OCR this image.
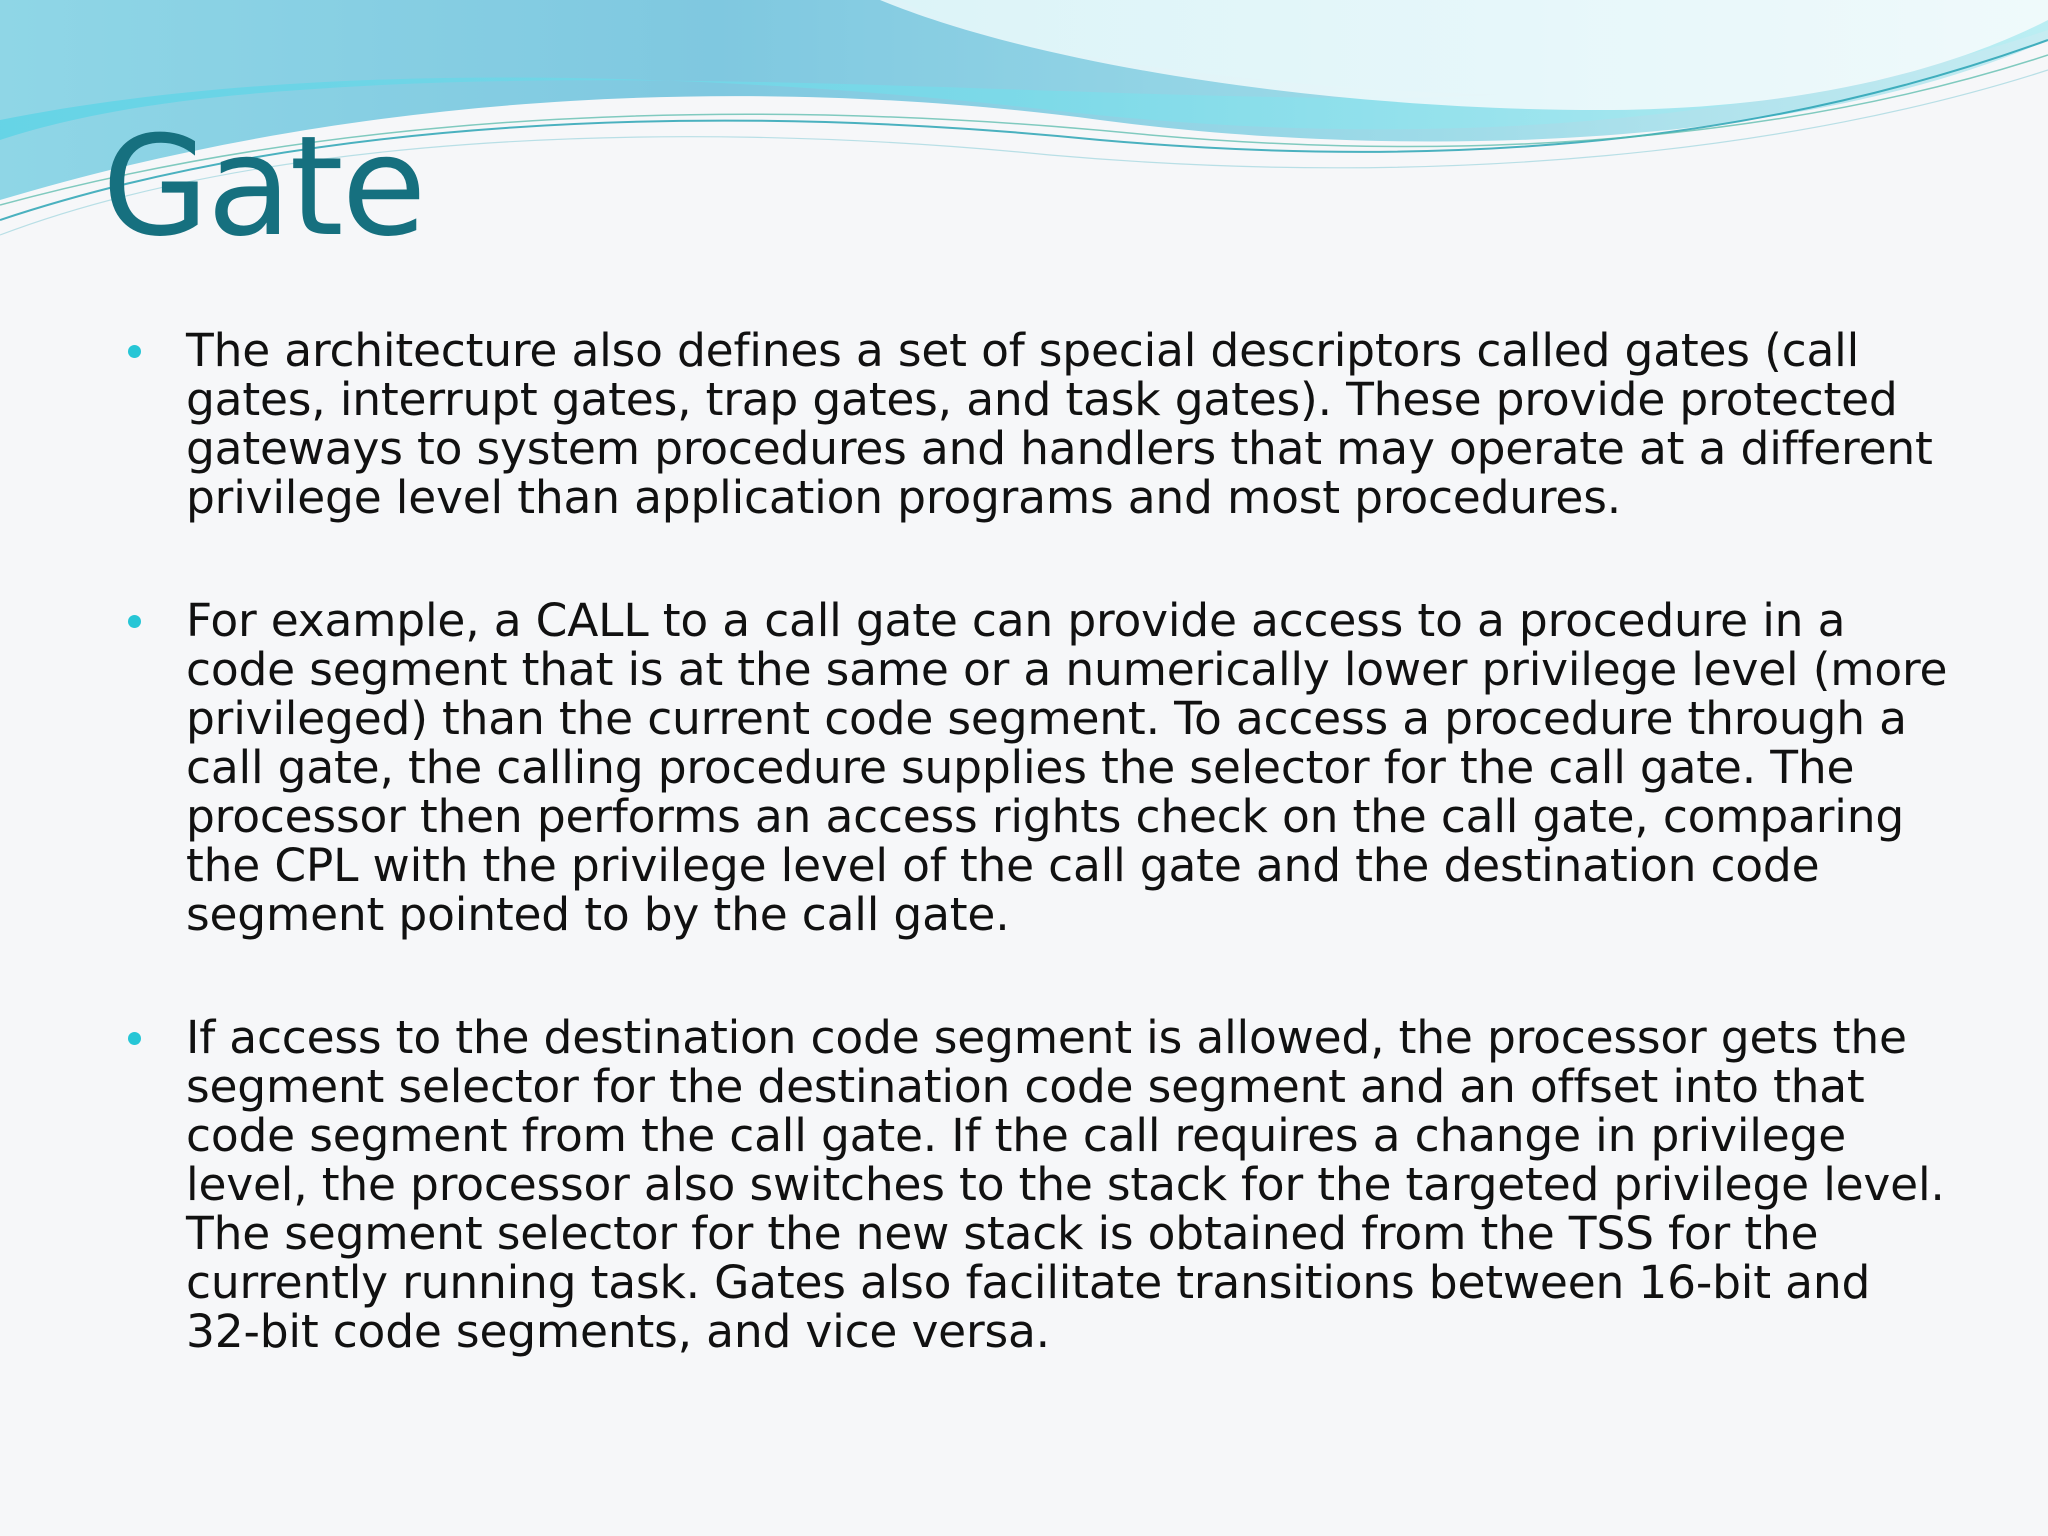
Gate
The architecture also defines a set of special descriptors called gates (call gates, interrupt gates, trap gates, and task gates). These provide protected gateways to system procedures and handlers that may operate at a different privilege level than application programs and most procedures.
For example, a CALL to a call gate can provide access to a procedure in a code segment that is at the same or a numerically lower privilege level (more privileged) than the current code segment. To access a procedure through a call gate, the calling procedure supplies the selector for the call gate. The processor then performs an access rights check on the call gate, comparing the CPL with the privilege level of the call gate and the destination code segment pointed to by the call gate.
If access to the destination code segment is allowed, the processor gets the segment selector for the destination code segment and an offset into that code segment from the call gate. If the call requires a change in privilege level, the processor also switches to the stack for the targeted privilege level. The segment selector for the new stack is obtained from the TSS for the currently running task. Gates also facilitate transitions between 16-bit and 32-bit code segments, and vice versa.
